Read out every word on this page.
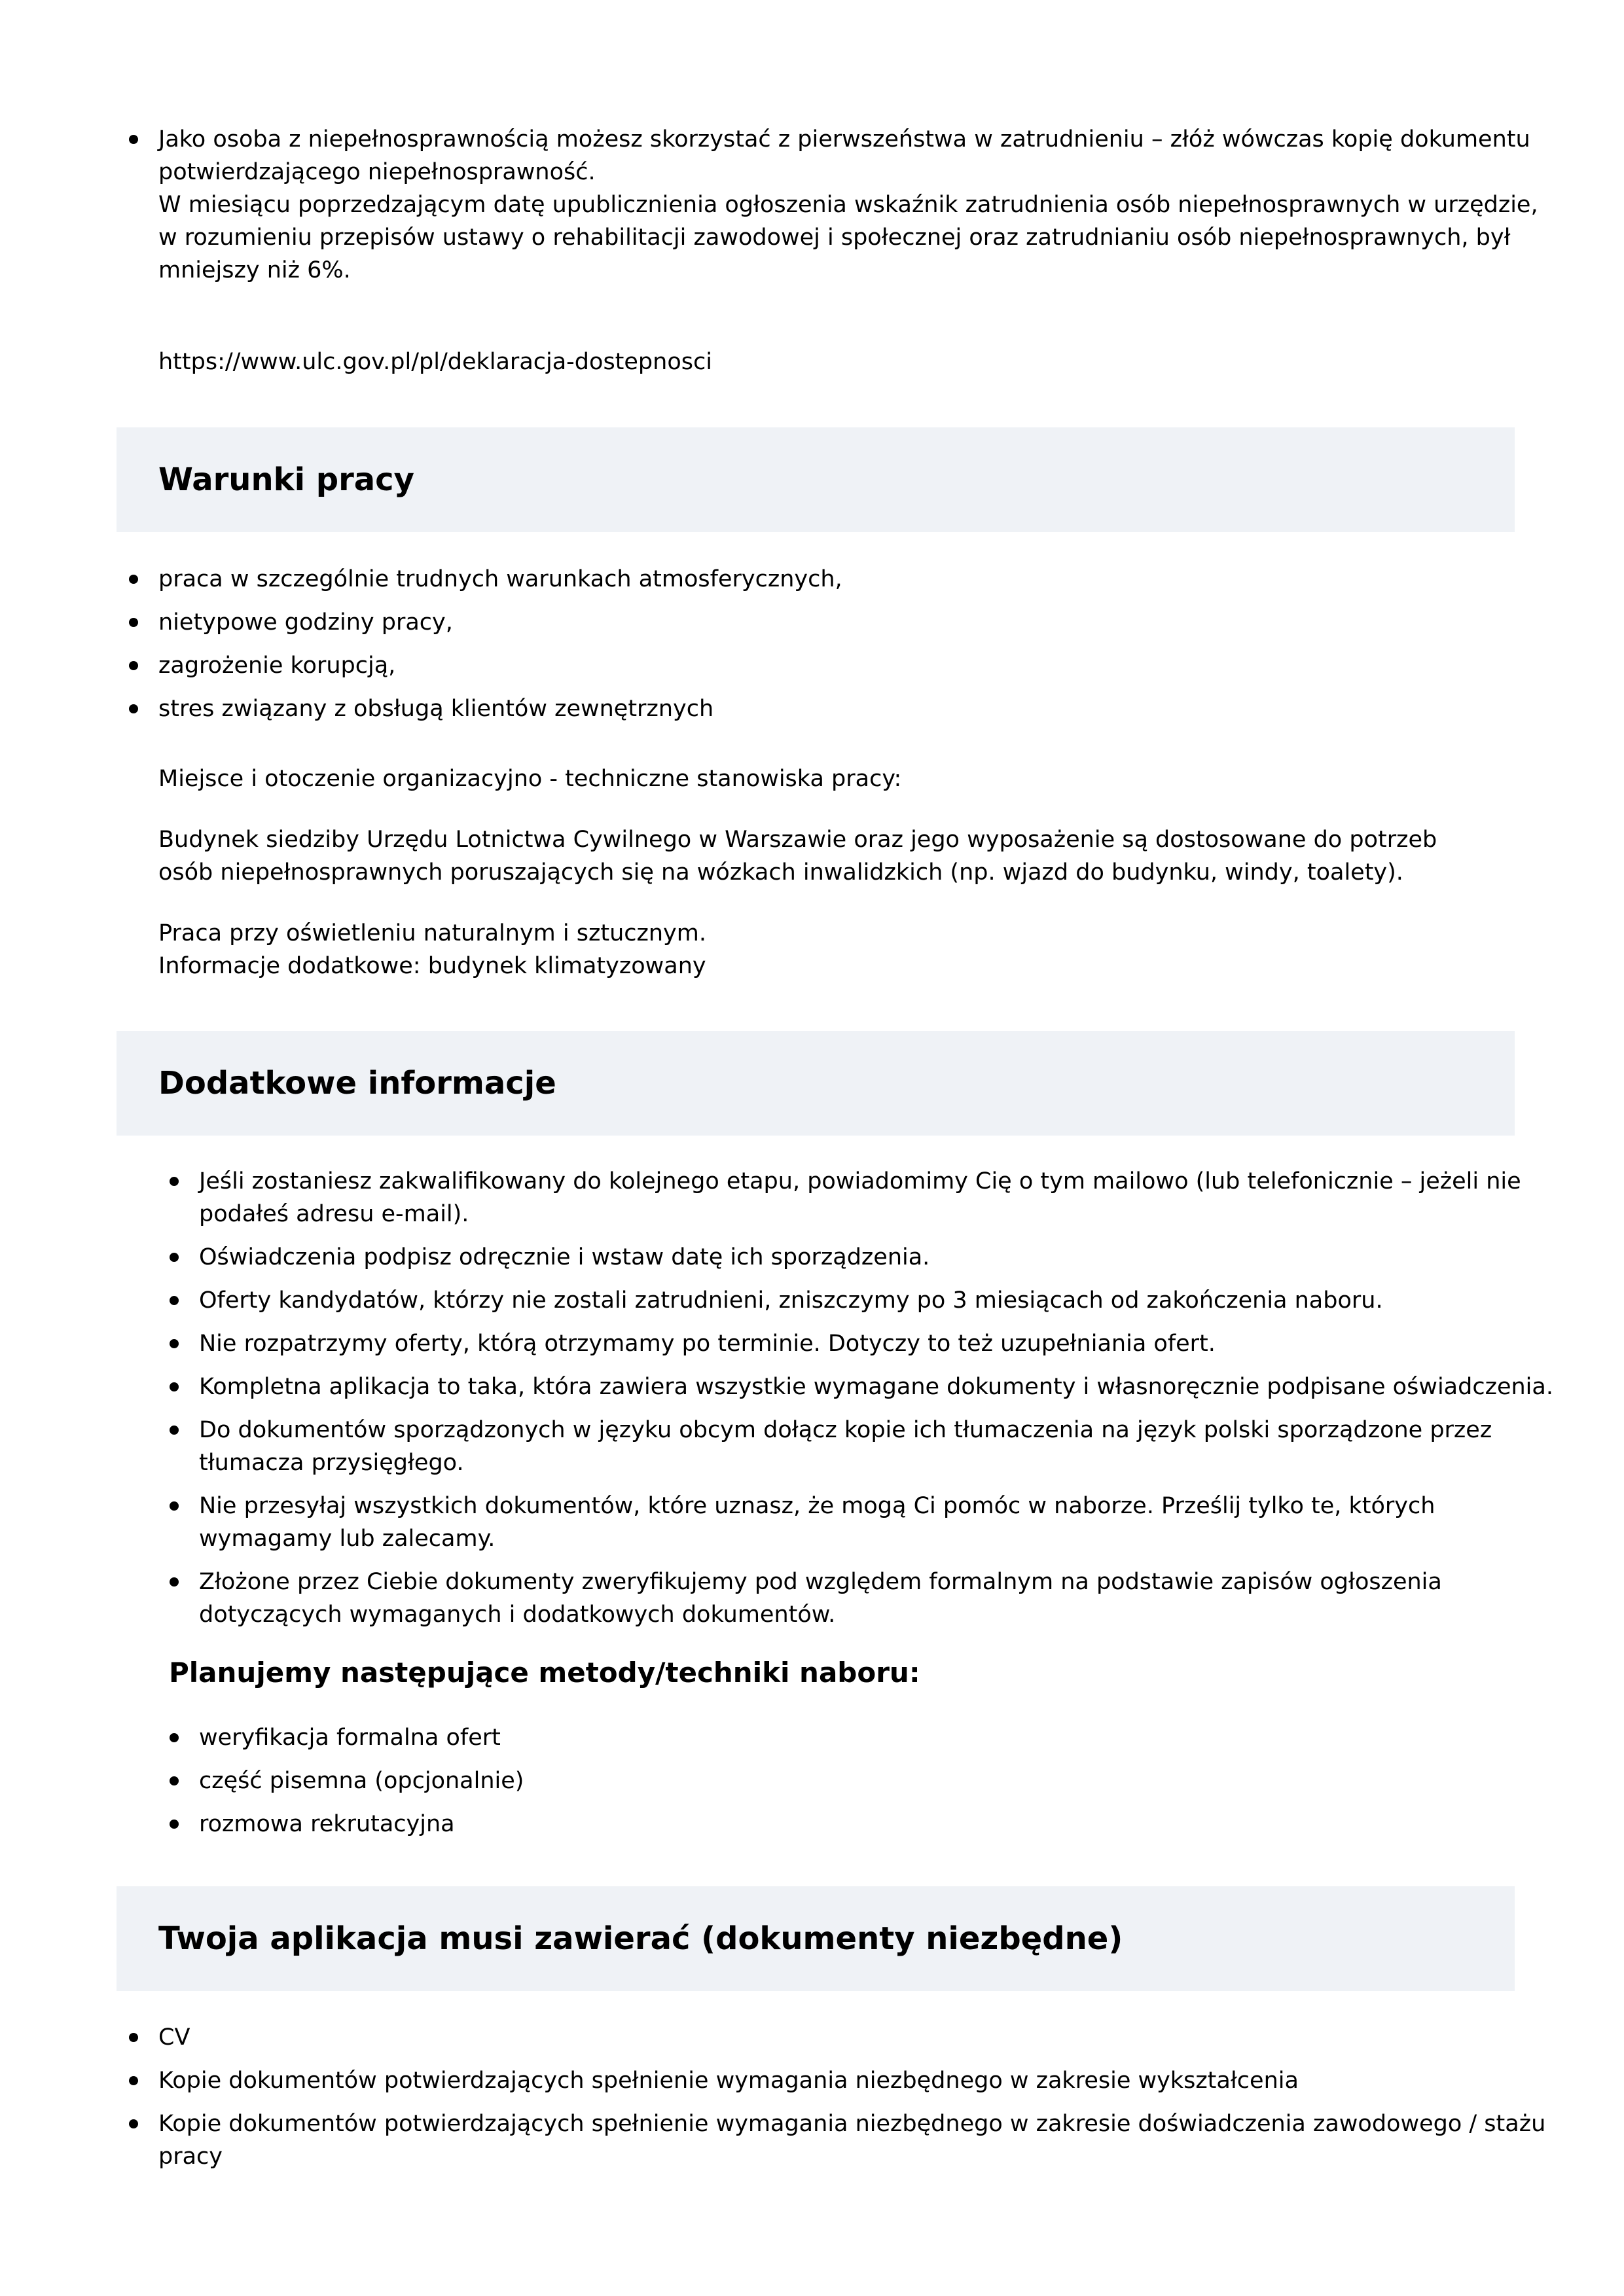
Jako osoba z niepełnosprawnością możesz skorzystać z pierwszeństwa w zatrudnieniu – złóż wówczas kopię dokumentu
potwierdzającego niepełnosprawność.
W miesiącu poprzedzającym datę upublicznienia ogłoszenia wskaźnik zatrudnienia osób niepełnosprawnych w urzędzie,
w rozumieniu przepisów ustawy o rehabilitacji zawodowej i społecznej oraz zatrudnianiu osób niepełnosprawnych, był
mniejszy niż 6%.
https://www.ulc.gov.pl/pl/deklaracja-dostepnosci
Warunki pracy
praca w szczególnie trudnych warunkach atmosferycznych,
nietypowe godziny pracy,
zagrożenie korupcją,
stres związany z obsługą klientów zewnętrznych
Miejsce i otoczenie organizacyjno - techniczne stanowiska pracy:
Budynek siedziby Urzędu Lotnictwa Cywilnego w Warszawie oraz jego wyposażenie są dostosowane do potrzeb
osób niepełnosprawnych poruszających się na wózkach inwalidzkich (np. wjazd do budynku, windy, toalety).
Praca przy oświetleniu naturalnym i sztucznym.
Informacje dodatkowe: budynek klimatyzowany
Dodatkowe informacje
Jeśli zostaniesz zakwalifikowany do kolejnego etapu, powiadomimy Cię o tym mailowo (lub telefonicznie – jeżeli nie
podałeś adresu e-mail).
Oświadczenia podpisz odręcznie i wstaw datę ich sporządzenia.
Oferty kandydatów, którzy nie zostali zatrudnieni, zniszczymy po 3 miesiącach od zakończenia naboru.
Nie rozpatrzymy oferty, którą otrzymamy po terminie. Dotyczy to też uzupełniania ofert.
Kompletna aplikacja to taka, która zawiera wszystkie wymagane dokumenty i własnoręcznie podpisane oświadczenia.
Do dokumentów sporządzonych w języku obcym dołącz kopie ich tłumaczenia na język polski sporządzone przez
tłumacza przysięgłego.
Nie przesyłaj wszystkich dokumentów, które uznasz, że mogą Ci pomóc w naborze. Prześlij tylko te, których
wymagamy lub zalecamy.
Złożone przez Ciebie dokumenty zweryfikujemy pod względem formalnym na podstawie zapisów ogłoszenia
dotyczących wymaganych i dodatkowych dokumentów.
Planujemy następujące metody/techniki naboru:
weryfikacja formalna ofert
część pisemna (opcjonalnie)
rozmowa rekrutacyjna
Twoja aplikacja musi zawierać (dokumenty niezbędne)
CV
Kopie dokumentów potwierdzających spełnienie wymagania niezbędnego w zakresie wykształcenia
Kopie dokumentów potwierdzających spełnienie wymagania niezbędnego w zakresie doświadczenia zawodowego / stażu
pracy
